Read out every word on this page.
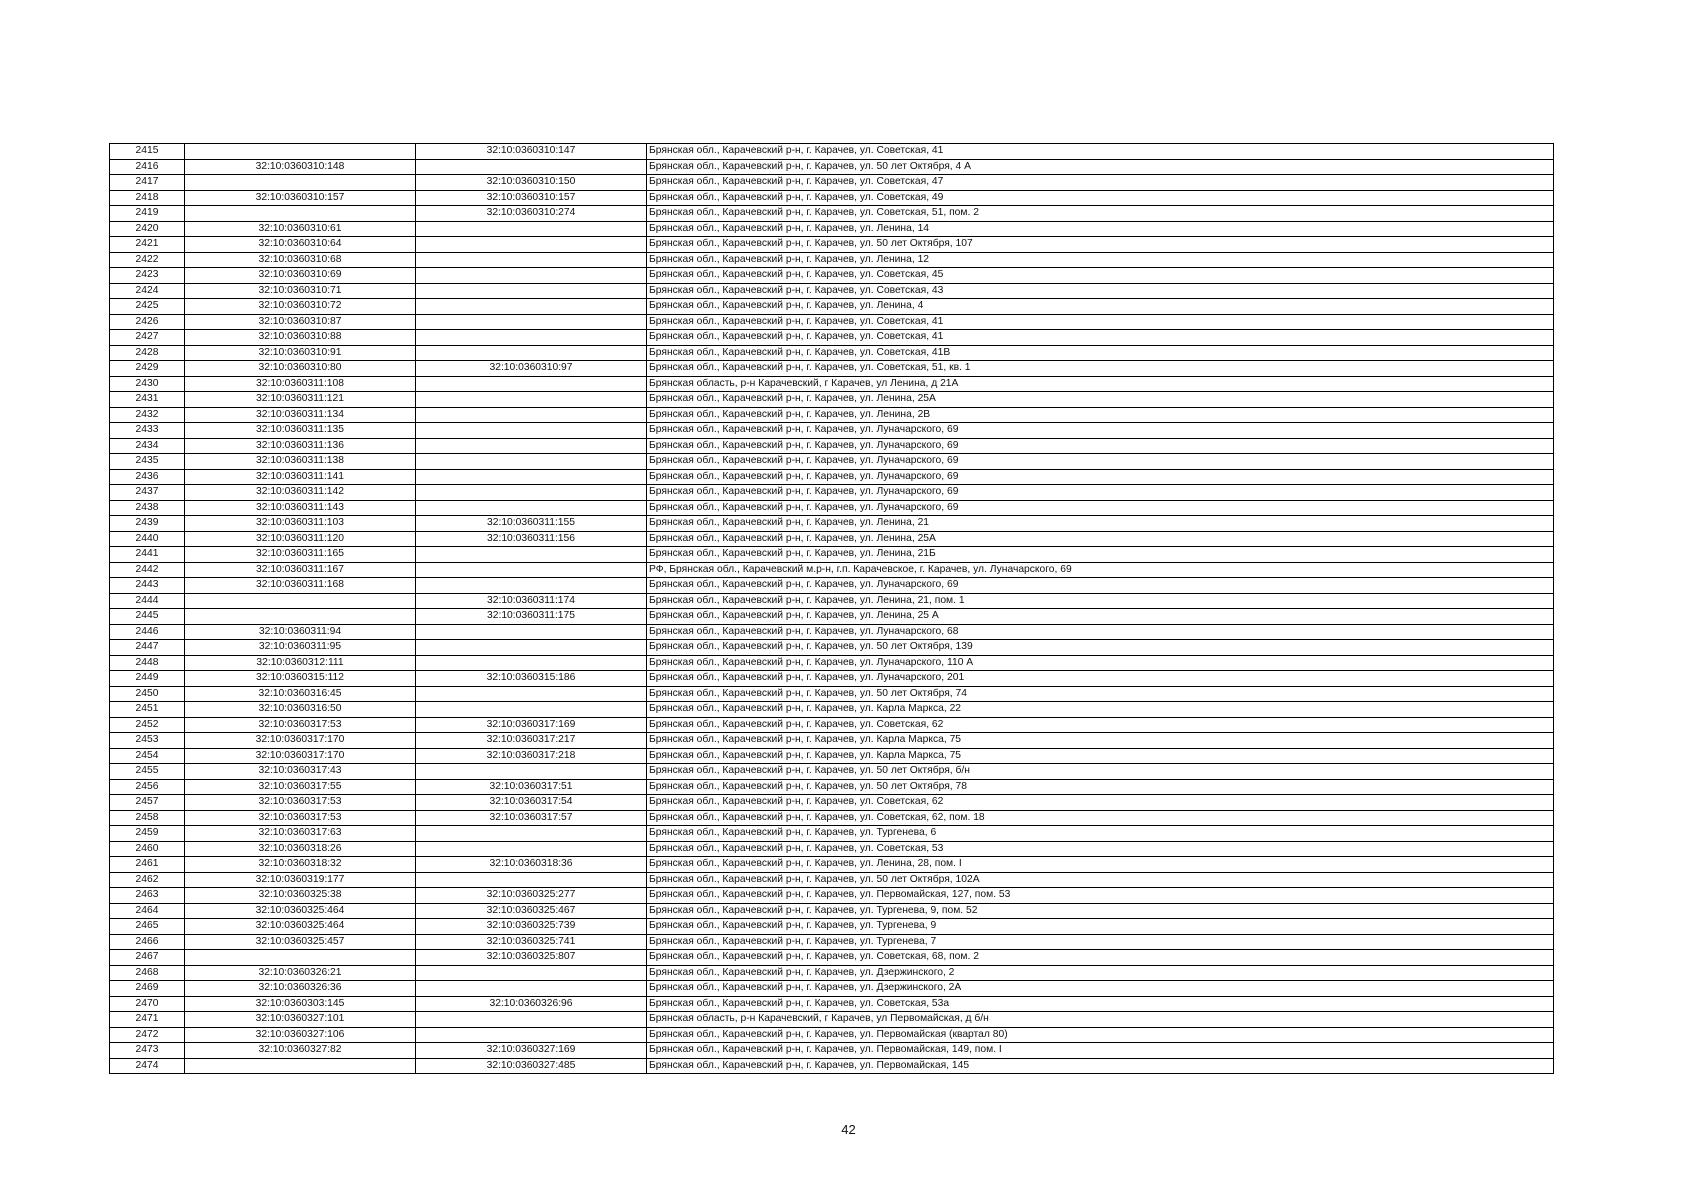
2415		32:10:0360310:147	Брянская обл., Карачевский р-н, г. Карачев, ул. Советская, 41
2416	32:10:0360310:148		Брянская обл., Карачевский р-н, г. Карачев, ул. 50 лет Октября, 4 А
2417		32:10:0360310:150	Брянская обл., Карачевский р-н, г. Карачев, ул. Советская, 47
2418	32:10:0360310:157	32:10:0360310:157	Брянская обл., Карачевский р-н, г. Карачев, ул. Советская, 49
2419		32:10:0360310:274	Брянская обл., Карачевский р-н, г. Карачев, ул. Советская, 51, пом. 2
2420	32:10:0360310:61		Брянская обл., Карачевский р-н, г. Карачев, ул. Ленина, 14
2421	32:10:0360310:64		Брянская обл., Карачевский р-н, г. Карачев, ул. 50 лет Октября, 107
2422	32:10:0360310:68		Брянская обл., Карачевский р-н, г. Карачев, ул. Ленина, 12
2423	32:10:0360310:69		Брянская обл., Карачевский р-н, г. Карачев, ул. Советская, 45
2424	32:10:0360310:71		Брянская обл., Карачевский р-н, г. Карачев, ул. Советская, 43
2425	32:10:0360310:72		Брянская обл., Карачевский р-н, г. Карачев, ул. Ленина, 4
2426	32:10:0360310:87		Брянская обл., Карачевский р-н, г. Карачев, ул. Советская, 41
2427	32:10:0360310:88		Брянская обл., Карачевский р-н, г. Карачев, ул. Советская, 41
2428	32:10:0360310:91		Брянская обл., Карачевский р-н, г. Карачев, ул. Советская, 41В
2429	32:10:0360310:80	32:10:0360310:97	Брянская обл., Карачевский р-н, г. Карачев, ул. Советская, 51, кв. 1
2430	32:10:0360311:108		Брянская область, р-н Карачевский, г Карачев, ул Ленина, д 21А
2431	32:10:0360311:121		Брянская обл., Карачевский р-н, г. Карачев, ул. Ленина, 25А
2432	32:10:0360311:134		Брянская обл., Карачевский р-н, г. Карачев, ул. Ленина, 2В
2433	32:10:0360311:135		Брянская обл., Карачевский р-н, г. Карачев, ул. Луначарского, 69
2434	32:10:0360311:136		Брянская обл., Карачевский р-н, г. Карачев, ул. Луначарского, 69
2435	32:10:0360311:138		Брянская обл., Карачевский р-н, г. Карачев, ул. Луначарского, 69
2436	32:10:0360311:141		Брянская обл., Карачевский р-н, г. Карачев, ул. Луначарского, 69
2437	32:10:0360311:142		Брянская обл., Карачевский р-н, г. Карачев, ул. Луначарского, 69
2438	32:10:0360311:143		Брянская обл., Карачевский р-н, г. Карачев, ул. Луначарского, 69
2439	32:10:0360311:103	32:10:0360311:155	Брянская обл., Карачевский р-н, г. Карачев, ул. Ленина, 21
2440	32:10:0360311:120	32:10:0360311:156	Брянская обл., Карачевский р-н, г. Карачев, ул. Ленина, 25А
2441	32:10:0360311:165		Брянская обл., Карачевский р-н, г. Карачев, ул. Ленина, 21Б
2442	32:10:0360311:167		РФ, Брянская обл., Карачевский м.р-н, г.п. Карачевское, г. Карачев, ул. Луначарского, 69
2443	32:10:0360311:168		Брянская обл., Карачевский р-н, г. Карачев, ул. Луначарского, 69
2444		32:10:0360311:174	Брянская обл., Карачевский р-н, г. Карачев, ул. Ленина, 21, пом. 1
2445		32:10:0360311:175	Брянская обл., Карачевский р-н, г. Карачев, ул. Ленина, 25 А
2446	32:10:0360311:94		Брянская обл., Карачевский р-н, г. Карачев, ул. Луначарского, 68
2447	32:10:0360311:95		Брянская обл., Карачевский р-н, г. Карачев, ул. 50 лет Октября, 139
2448	32:10:0360312:111		Брянская обл., Карачевский р-н, г. Карачев, ул. Луначарского, 110 А
2449	32:10:0360315:112	32:10:0360315:186	Брянская обл., Карачевский р-н, г. Карачев, ул. Луначарского, 201
2450	32:10:0360316:45		Брянская обл., Карачевский р-н, г. Карачев, ул. 50 лет Октября, 74
2451	32:10:0360316:50		Брянская обл., Карачевский р-н, г. Карачев, ул. Карла Маркса, 22
2452	32:10:0360317:53	32:10:0360317:169	Брянская обл., Карачевский р-н, г. Карачев, ул. Советская, 62
2453	32:10:0360317:170	32:10:0360317:217	Брянская обл., Карачевский р-н, г. Карачев, ул. Карла Маркса, 75
2454	32:10:0360317:170	32:10:0360317:218	Брянская обл., Карачевский р-н, г. Карачев, ул. Карла Маркса, 75
2455	32:10:0360317:43		Брянская обл., Карачевский р-н, г. Карачев, ул. 50 лет Октября, б/н
2456	32:10:0360317:55	32:10:0360317:51	Брянская обл., Карачевский р-н, г. Карачев, ул. 50 лет Октября, 78
2457	32:10:0360317:53	32:10:0360317:54	Брянская обл., Карачевский р-н, г. Карачев, ул. Советская, 62
2458	32:10:0360317:53	32:10:0360317:57	Брянская обл., Карачевский р-н, г. Карачев, ул. Советская, 62, пом. 18
2459	32:10:0360317:63		Брянская обл., Карачевский р-н, г. Карачев, ул. Тургенева, 6
2460	32:10:0360318:26		Брянская обл., Карачевский р-н, г. Карачев, ул. Советская, 53
2461	32:10:0360318:32	32:10:0360318:36	Брянская обл., Карачевский р-н, г. Карачев, ул. Ленина, 28, пом. I
2462	32:10:0360319:177		Брянская обл., Карачевский р-н, г. Карачев, ул. 50 лет Октября, 102А
2463	32:10:0360325:38	32:10:0360325:277	Брянская обл., Карачевский р-н, г. Карачев, ул. Первомайская, 127, пом. 53
2464	32:10:0360325:464	32:10:0360325:467	Брянская обл., Карачевский р-н, г. Карачев, ул. Тургенева, 9, пом. 52
2465	32:10:0360325:464	32:10:0360325:739	Брянская обл., Карачевский р-н, г. Карачев, ул. Тургенева, 9
2466	32:10:0360325:457	32:10:0360325:741	Брянская обл., Карачевский р-н, г. Карачев, ул. Тургенева, 7
2467		32:10:0360325:807	Брянская обл., Карачевский р-н, г. Карачев, ул. Советская, 68, пом. 2
2468	32:10:0360326:21		Брянская обл., Карачевский р-н, г. Карачев, ул. Дзержинского, 2
2469	32:10:0360326:36		Брянская обл., Карачевский р-н, г. Карачев, ул. Дзержинского, 2А
2470	32:10:0360303:145	32:10:0360326:96	Брянская обл., Карачевский р-н, г. Карачев, ул. Советская, 53а
2471	32:10:0360327:101		Брянская область, р-н Карачевский, г Карачев, ул Первомайская, д б/н
2472	32:10:0360327:106		Брянская обл., Карачевский р-н, г. Карачев, ул. Первомайская (квартал 80)
2473	32:10:0360327:82	32:10:0360327:169	Брянская обл., Карачевский р-н, г. Карачев, ул. Первомайская, 149, пом. I
2474		32:10:0360327:485	Брянская обл., Карачевский р-н, г. Карачев, ул. Первомайская, 145
42
